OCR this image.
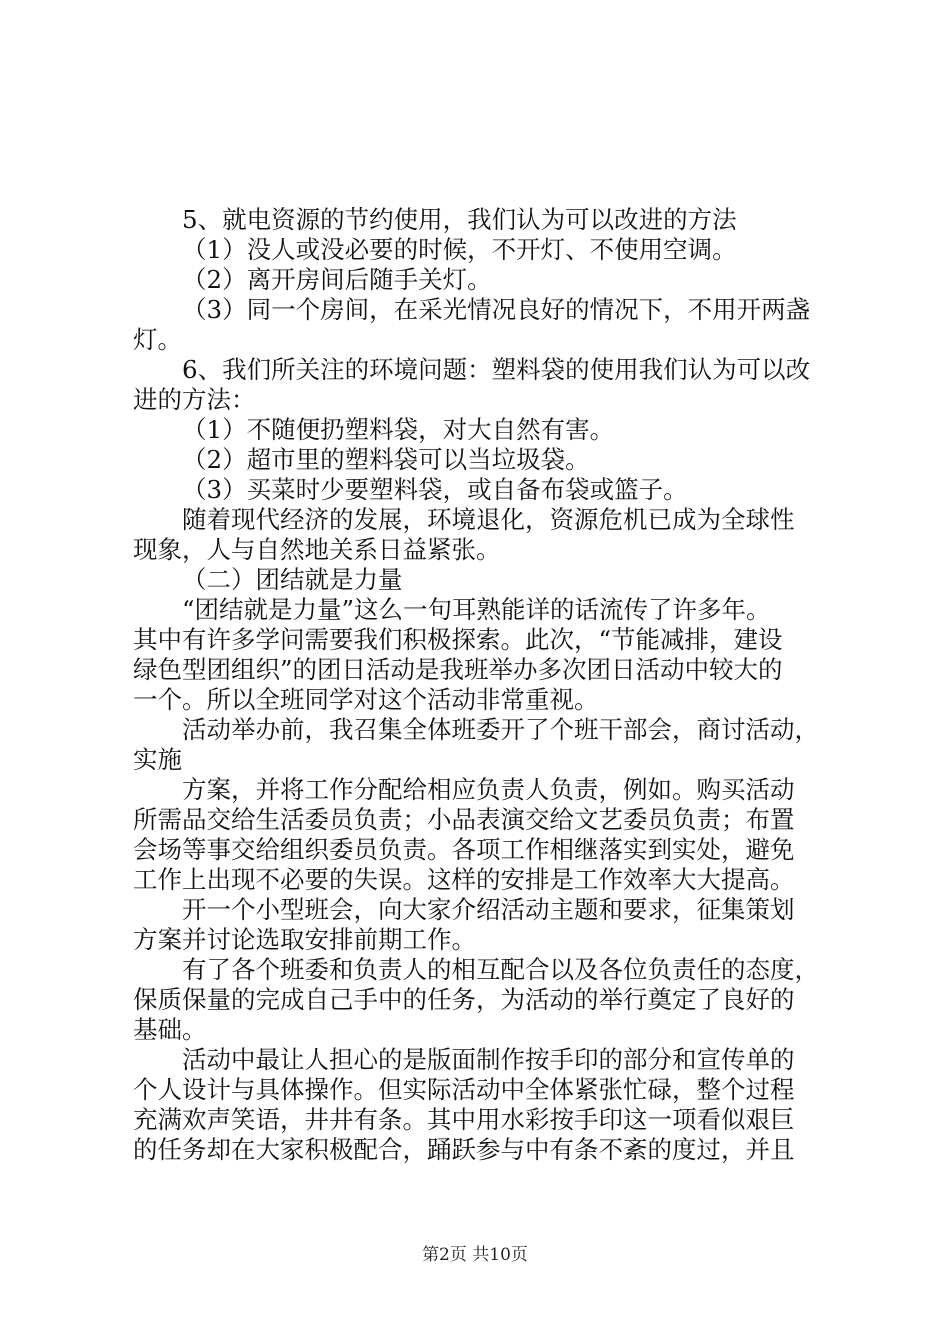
5、就电资源的节约使用，我们认为可以改进的方法
（1）没人或没必要的时候，不开灯、不使用空调。
（2）离开房间后随手关灯。
（3）同一个房间，在采光情况良好的情况下，不用开两盏
灯。
6、我们所关注的环境问题：塑料袋的使用我们认为可以改
进的方法：
（1）不随便扔塑料袋，对大自然有害。
（2）超市里的塑料袋可以当垃圾袋。
（3）买菜时少要塑料袋，或自备布袋或篮子。
随着现代经济的发展，环境退化，资源危机已成为全球性
现象，人与自然地关系日益紧张。
（二）团结就是力量
“团结就是力量”这么一句耳熟能详的话流传了许多年。
其中有许多学问需要我们积极探索。此次，“节能减排，建设
绿色型团组织”的团日活动是我班举办多次团日活动中较大的
一个。所以全班同学对这个活动非常重视。
活动举办前，我召集全体班委开了个班干部会，商讨活动，
实施
方案，并将工作分配给相应负责人负责，例如。购买活动
所需品交给生活委员负责；小品表演交给文艺委员负责；布置
会场等事交给组织委员负责。各项工作相继落实到实处，避免
工作上出现不必要的失误。这样的安排是工作效率大大提高。
开一个小型班会，向大家介绍活动主题和要求，征集策划
方案并讨论选取安排前期工作。
有了各个班委和负责人的相互配合以及各位负责任的态度，
保质保量的完成自己手中的任务，为活动的举行奠定了良好的
基础。
活动中最让人担心的是版面制作按手印的部分和宣传单的
个人设计与具体操作。但实际活动中全体紧张忙碌，整个过程
充满欢声笑语，井井有条。其中用水彩按手印这一项看似艰巨
的任务却在大家积极配合，踊跃参与中有条不紊的度过，并且
第2页 共10页
